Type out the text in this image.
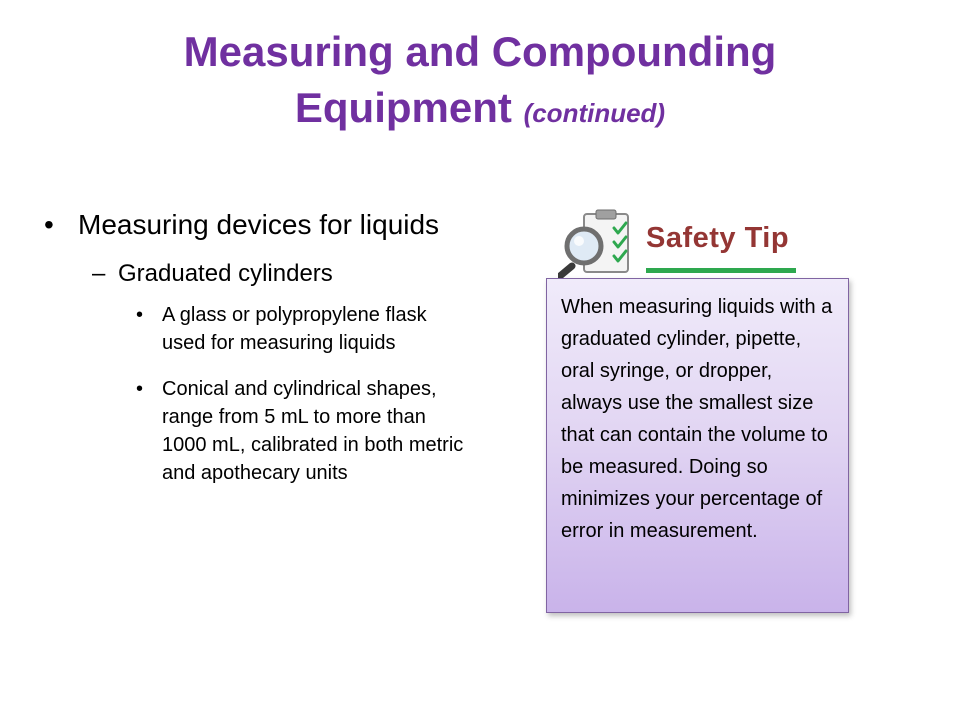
Measuring and Compounding
Equipment (continued)
• Measuring devices for liquids
– Graduated cylinders
• A glass or polypropylene flask used for measuring liquids
• Conical and cylindrical shapes, range from 5 mL to more than 1000 mL, calibrated in both metric and apothecary units
Safety Tip
When measuring liquids with a graduated cylinder, pipette, oral syringe, or dropper, always use the smallest size that can contain the volume to be measured. Doing so minimizes your percentage of error in measurement.
